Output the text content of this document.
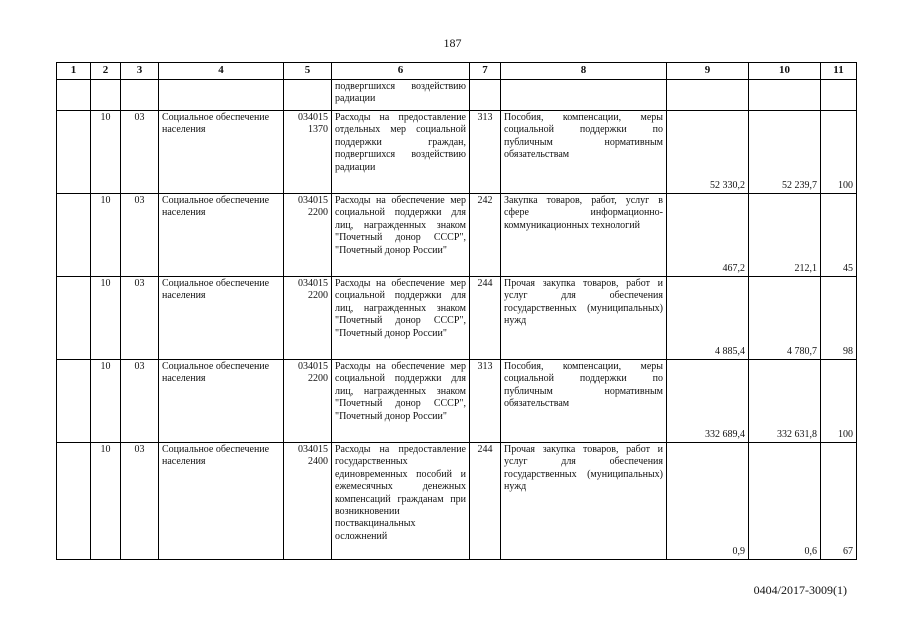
187
1	2	3	4	5	6	7	8	9	10	11
					подвергшихся воздействию радиации					
	10	03	Социальное обеспечение населения	034015 1370	Расходы на предоставление отдельных мер социальной поддержки граждан, подвергшихся воздействию радиации	313	Пособия, компенсации, меры социальной поддержки по публичным нормативным обязательствам	52 330,2	52 239,7	100
	10	03	Социальное обеспечение населения	034015 2200	Расходы на обеспечение мер социальной поддержки для лиц, награжденных знаком "Почетный донор СССР", "Почетный донор России"	242	Закупка товаров, работ, услуг в сфере информационно-коммуникационных технологий	467,2	212,1	45
	10	03	Социальное обеспечение населения	034015 2200	Расходы на обеспечение мер социальной поддержки для лиц, награжденных знаком "Почетный донор СССР", "Почетный донор России"	244	Прочая закупка товаров, работ и услуг для обеспечения государственных (муниципальных) нужд	4 885,4	4 780,7	98
	10	03	Социальное обеспечение населения	034015 2200	Расходы на обеспечение мер социальной поддержки для лиц, награжденных знаком "Почетный донор СССР", "Почетный донор России"	313	Пособия, компенсации, меры социальной поддержки по публичным нормативным обязательствам	332 689,4	332 631,8	100
	10	03	Социальное обеспечение населения	034015 2400	Расходы на предоставление государственных единовременных пособий и ежемесячных денежных компенсаций гражданам при возникновении поствакцинальных осложнений	244	Прочая закупка товаров, работ и услуг для обеспечения государственных (муниципальных) нужд	0,9	0,6	67
0404/2017-3009(1)
